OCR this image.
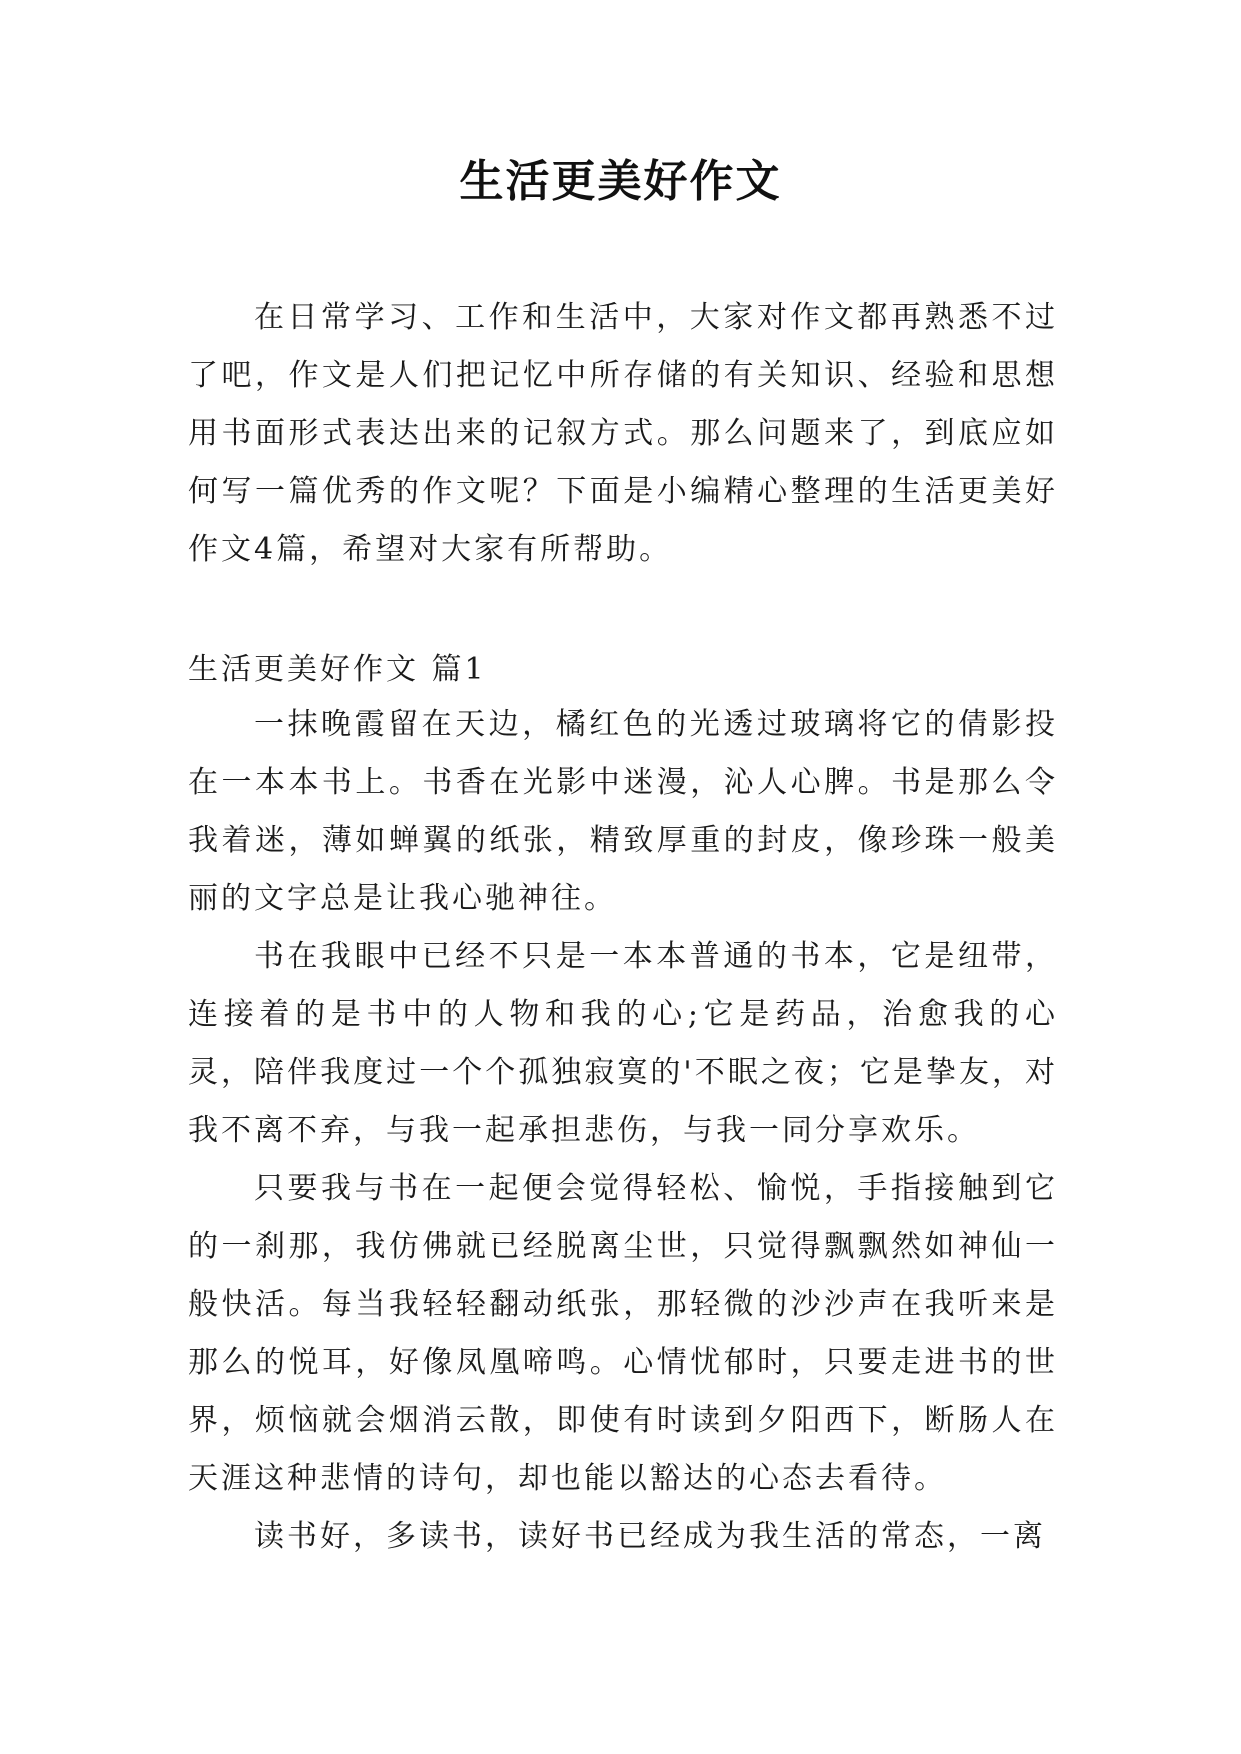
生活更美好作文

在日常学习、工作和生活中，大家对作文都再熟悉不过了吧，作文是人们把记忆中所存储的有关知识、经验和思想用书面形式表达出来的记叙方式。那么问题来了，到底应如何写一篇优秀的作文呢？下面是小编精心整理的生活更美好作文4篇，希望对大家有所帮助。

生活更美好作文 篇1

一抹晚霞留在天边，橘红色的光透过玻璃将它的倩影投在一本本书上。书香在光影中迷漫，沁人心脾。书是那么令我着迷，薄如蝉翼的纸张，精致厚重的封皮，像珍珠一般美丽的文字总是让我心驰神往。

书在我眼中已经不只是一本本普通的书本，它是纽带，连接着的是书中的人物和我的心;它是药品，治愈我的心灵，陪伴我度过一个个孤独寂寞的'不眠之夜；它是挚友，对我不离不弃，与我一起承担悲伤，与我一同分享欢乐。

只要我与书在一起便会觉得轻松、愉悦，手指接触到它的一刹那，我仿佛就已经脱离尘世，只觉得飘飘然如神仙一般快活。每当我轻轻翻动纸张，那轻微的沙沙声在我听来是那么的悦耳，好像凤凰啼鸣。心情忧郁时，只要走进书的世界，烦恼就会烟消云散，即使有时读到夕阳西下，断肠人在天涯这种悲情的诗句，却也能以豁达的心态去看待。

读书好，多读书，读好书已经成为我生活的常态，一离
